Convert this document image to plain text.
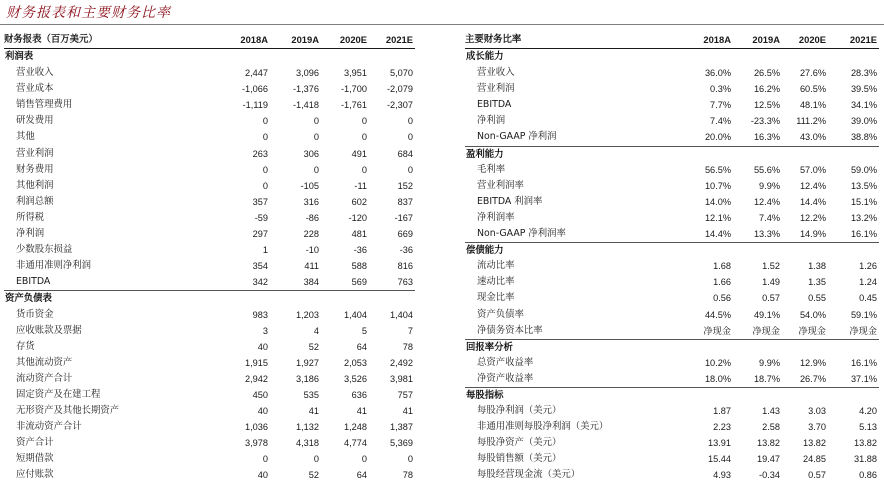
财务报表和主要财务比率
财务报表（百万美元）	2018A	2019A	2020E	2021E
利润表
营业收入	2,447	3,096	3,951	5,070
营业成本	-1,066	-1,376	-1,700	-2,079
销售管理费用	-1,119	-1,418	-1,761	-2,307
研发费用	0	0	0	0
其他	0	0	0	0
营业利润	263	306	491	684
财务费用	0	0	0	0
其他利润	0	-105	-11	152
利润总额	357	316	602	837
所得税	-59	-86	-120	-167
净利润	297	228	481	669
少数股东损益	1	-10	-36	-36
非通用准则净利润	354	411	588	816
EBITDA	342	384	569	763
资产负债表
货币资金	983	1,203	1,404	1,404
应收账款及票据	3	4	5	7
存货	40	52	64	78
其他流动资产	1,915	1,927	2,053	2,492
流动资产合计	2,942	3,186	3,526	3,981
固定资产及在建工程	450	535	636	757
无形资产及其他长期资产	40	41	41	41
非流动资产合计	1,036	1,132	1,248	1,387
资产合计	3,978	4,318	4,774	5,369
短期借款	0	0	0	0
应付账款	40	52	64	78
主要财务比率	2018A	2019A	2020E	2021E
成长能力
营业收入	36.0%	26.5%	27.6%	28.3%
营业利润	0.3%	16.2%	60.5%	39.5%
EBITDA	7.7%	12.5%	48.1%	34.1%
净利润	7.4%	-23.3%	111.2%	39.0%
Non-GAAP 净利润	20.0%	16.3%	43.0%	38.8%
盈利能力
毛利率	56.5%	55.6%	57.0%	59.0%
营业利润率	10.7%	9.9%	12.4%	13.5%
EBITDA 利润率	14.0%	12.4%	14.4%	15.1%
净利润率	12.1%	7.4%	12.2%	13.2%
Non-GAAP 净利润率	14.4%	13.3%	14.9%	16.1%
偿债能力
流动比率	1.68	1.52	1.38	1.26
速动比率	1.66	1.49	1.35	1.24
现金比率	0.56	0.57	0.55	0.45
资产负债率	44.5%	49.1%	54.0%	59.1%
净债务资本比率	净现金	净现金	净现金	净现金
回报率分析
总资产收益率	10.2%	9.9%	12.9%	16.1%
净资产收益率	18.0%	18.7%	26.7%	37.1%
每股指标
每股净利润（美元）	1.87	1.43	3.03	4.20
非通用准则每股净利润（美元）	2.23	2.58	3.70	5.13
每股净资产（美元）	13.91	13.82	13.82	13.82
每股销售额（美元）	15.44	19.47	24.85	31.88
每股经营现金流（美元）	4.93	-0.34	0.57	0.86
